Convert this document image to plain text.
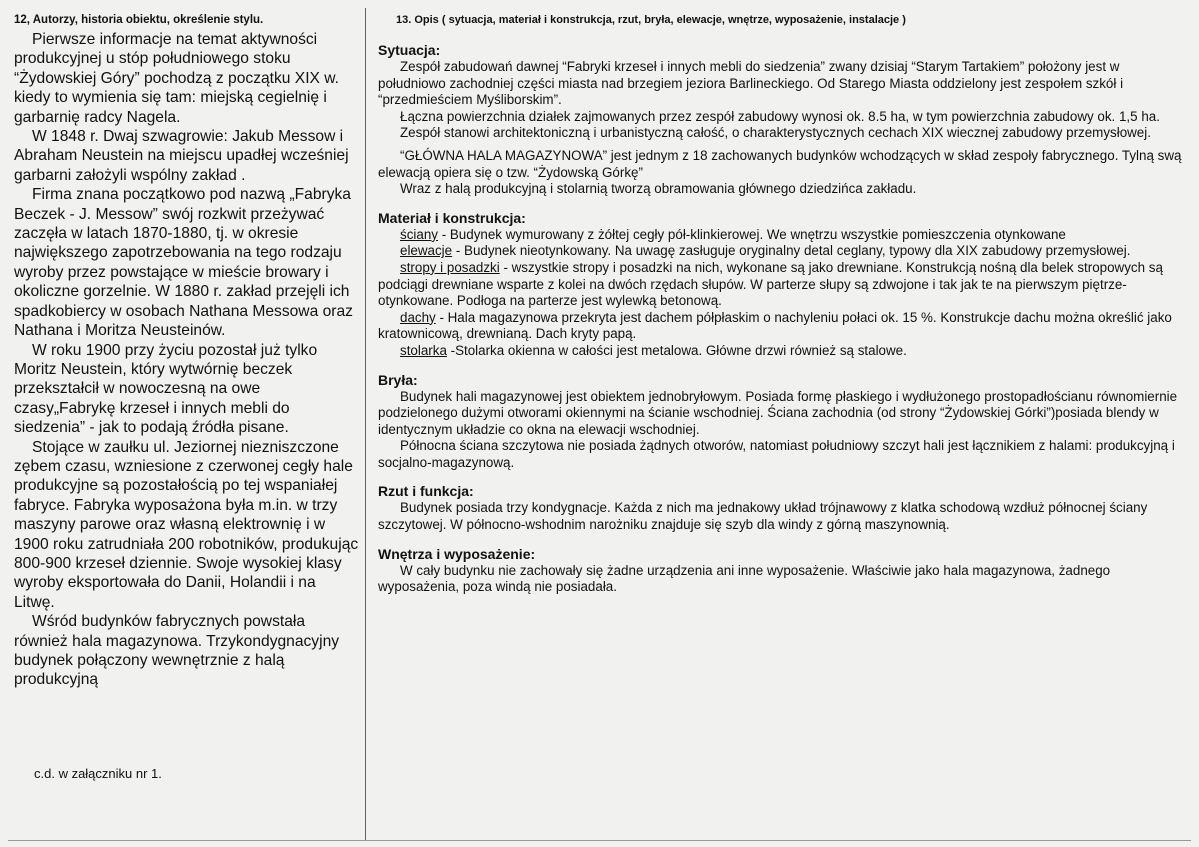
12, Autorzy, historia obiektu, określenie stylu.

Pierwsze informacje na temat aktywności produkcyjnej u stóp południowego stoku “Żydowskiej Góry” pochodzą z początku XIX w. kiedy to wymienia się tam: miejską cegielnię i garbarnię radcy Nagela.

W 1848 r. Dwaj szwagrowie: Jakub Messow i Abraham Neustein na miejscu upadłej wcześniej garbarni założyli wspólny zakład .

Firma znana początkowo pod nazwą „Fabryka Beczek - J. Messow” swój rozkwit przeżywać zaczęła w latach 1870-1880, tj. w okresie największego zapotrzebowania na tego rodzaju wyroby przez powstające w mieście browary i okoliczne gorzelnie. W 1880 r. zakład przejęli ich spadkobiercy w osobach Nathana Messowa oraz Nathana i Moritza Neusteinów.

W roku 1900 przy życiu pozostał już tylko Moritz Neustein, który wytwórnię beczek przekształcił w nowoczesną na owe czasy„Fabrykę krzeseł i innych mebli do siedzenia” - jak to podają źródła pisane.

Stojące w zaułku ul. Jeziornej niezniszczone zębem czasu, wzniesione z czerwonej cegły hale produkcyjne są pozostałością po tej wspaniałej fabryce. Fabryka wyposażona była m.in. w trzy maszyny parowe oraz własną elektrownię i w 1900 roku zatrudniała 200 robotników, produkując 800-900 krzeseł dziennie. Swoje wysokiej klasy wyroby eksportowała do Danii, Holandii i na Litwę.

Wśród budynków fabrycznych powstała również hala magazynowa. Trzykondygnacyjny budynek połączony wewnętrznie z halą produkcyjną

c.d. w załączniku nr 1.
13. Opis ( sytuacja, materiał i konstrukcja, rzut, bryła, elewacje, wnętrze, wyposażenie, instalacje )
Sytuacja:

Zespół zabudowań dawnej “Fabryki krzeseł i innych mebli do siedzenia” zwany dzisiaj “Starym Tartakiem” położony jest w południowo zachodniej części miasta nad brzegiem jeziora Barlineckiego. Od Starego Miasta oddzielony jest zespołem szkół i “przedmieściem Myśliborskim”.

Łączna powierzchnia działek zajmowanych przez zespół zabudowy wynosi ok. 8.5 ha, w tym powierzchnia zabudowy ok. 1,5 ha.

Zespół stanowi architektoniczną i urbanistyczną całość, o charakterystycznych cechach XIX wiecznej zabudowy przemysłowej.

“GŁÓWNA HALA MAGAZYNOWA” jest jednym z 18 zachowanych budynków wchodzących w skład zespoły fabrycznego. Tylną swą elewacją opiera się o tzw. “Żydowską Górkę”

Wraz z halą produkcyjną i stolarnią tworzą obramowania głównego dziedzińca zakładu.

Materiał i konstrukcja:

ściany - Budynek wymurowany z żółtej cegły pół-klinkierowej. We wnętrzu wszystkie pomieszczenia otynkowane

elewacje - Budynek nieotynkowany. Na uwagę zasługuje oryginalny detal ceglany, typowy dla XIX zabudowy przemysłowej.

stropy i posadzki - wszystkie stropy i posadzki na nich, wykonane są jako drewniane. Konstrukcją nośną dla belek stropowych są podciągi drewniane wsparte z kolei na dwóch rzędach słupów. W parterze słupy są zdwojone i tak jak te na pierwszym piętrze- otynkowane. Podłoga na parterze jest wylewką betonową.

dachy - Hala magazynowa przekryta jest dachem półpłaskim o nachyleniu połaci ok. 15 %. Konstrukcje dachu można określić jako kratownicową, drewnianą. Dach kryty papą.

stolarka -Stolarka okienna w całości jest metalowa. Główne drzwi również są stalowe.

Bryła:

Budynek hali magazynowej jest obiektem jednobryłowym. Posiada formę płaskiego i wydłużonego prostopadłościanu równomiernie podzielonego dużymi otworami okiennymi na ścianie wschodniej. Ściana zachodnia (od strony “Żydowskiej Górki”)posiada blendy w identycznym układzie co okna na elewacji wschodniej.

Północna ściana szczytowa nie posiada żądnych otworów, natomiast południowy szczyt hali jest łącznikiem z halami: produkcyjną i socjalno-magazynową.

Rzut i funkcja:

Budynek posiada trzy kondygnacje. Każda z nich ma jednakowy układ trójnawowy z klatka schodową wzdłuż północnej ściany szczytowej. W północno-wshodnim narożniku znajduje się szyb dla windy z górną maszynownią.

Wnętrza i wyposażenie:

W cały budynku nie zachowały się żadne urządzenia ani inne wyposażenie. Właściwie jako hala magazynowa, żadnego wyposażenia, poza windą nie posiadała.
